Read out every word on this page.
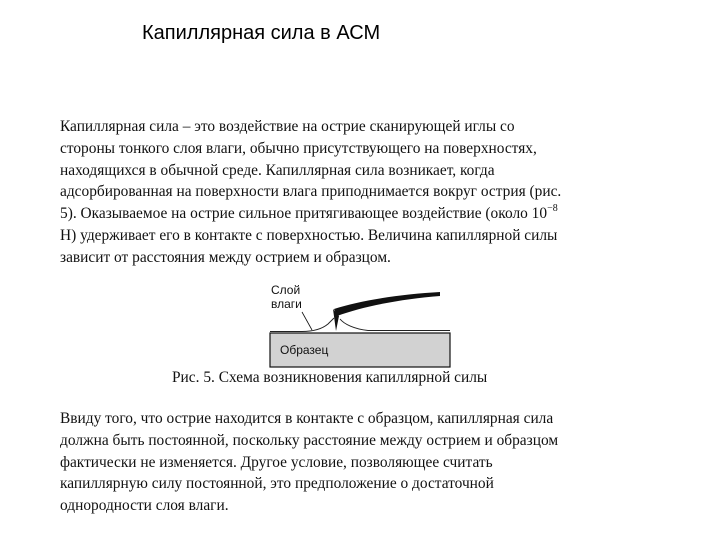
Капиллярная сила в АСМ
Капиллярная сила – это воздействие на острие сканирующей иглы со
стороны тонкого слоя влаги, обычно присутствующего на поверхностях,
находящихся в обычной среде. Капиллярная сила возникает, когда
адсорбированная на поверхности влага приподнимается вокруг острия (рис.
5). Оказываемое на острие сильное притягивающее воздействие (около $10^{-8}$
Н) удерживает его в контакте с поверхностью. Величина капиллярной силы
зависит от расстояния между острием и образцом.
Слой
влаги
Образец
Рис. 5. Схема возникновения капиллярной силы
Ввиду того, что острие находится в контакте с образцом, капиллярная сила
должна быть постоянной, поскольку расстояние между острием и образцом
фактически не изменяется. Другое условие, позволяющее считать
капиллярную силу постоянной, это предположение о достаточной
однородности слоя влаги.
